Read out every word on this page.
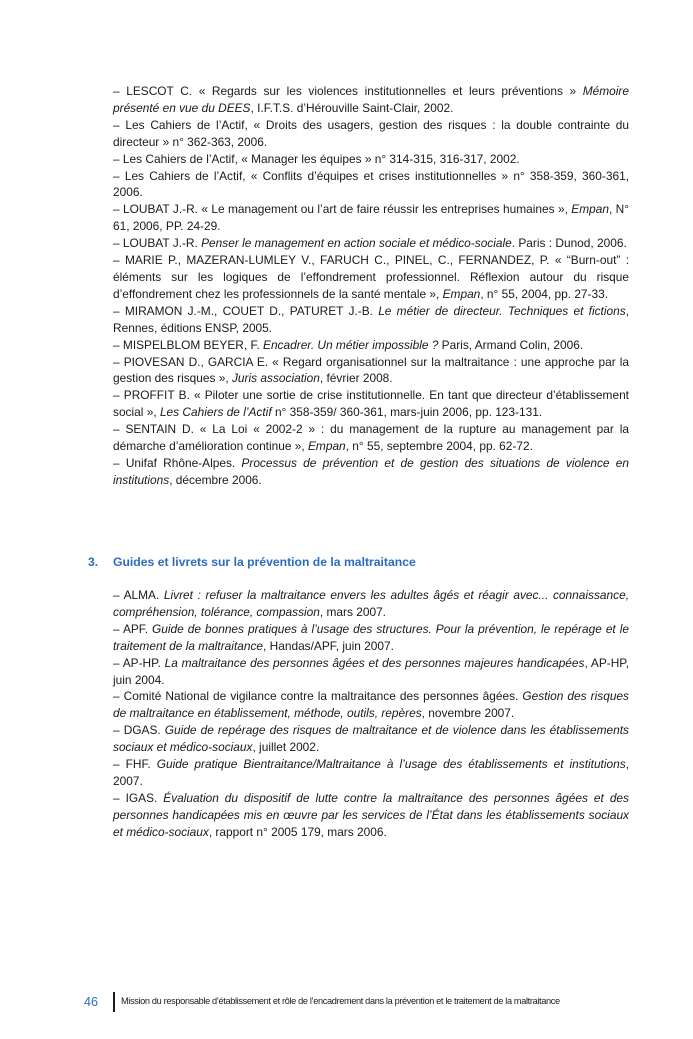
– LESCOT C. « Regards sur les violences institutionnelles et leurs préventions » Mémoire présenté en vue du DEES, I.F.T.S. d’Hérouville Saint-Clair, 2002.

– Les Cahiers de l’Actif, « Droits des usagers, gestion des risques : la double contrainte du directeur » n° 362-363, 2006.

– Les Cahiers de l’Actif, « Manager les équipes » n° 314-315, 316-317, 2002.

– Les Cahiers de l’Actif, « Conflits d’équipes et crises institutionnelles » n° 358-359, 360-361, 2006.

– LOUBAT J.-R. « Le management ou l’art de faire réussir les entreprises humaines », Empan, N° 61, 2006, PP. 24-29.

– LOUBAT J.-R. Penser le management en action sociale et médico-sociale. Paris : Dunod, 2006.

– MARIE P., MAZERAN-LUMLEY V., FARUCH C., PINEL, C., FERNANDEZ, P. « “Burn-out” : éléments sur les logiques de l’effondrement professionnel. Réflexion autour du risque d’effondrement chez les professionnels de la santé mentale », Empan, n° 55, 2004, pp. 27-33.

– MIRAMON J.-M., COUET D., PATURET J.-B. Le métier de directeur. Techniques et fictions, Rennes, éditions ENSP, 2005.

– MISPELBLOM BEYER, F. Encadrer. Un métier impossible ? Paris, Armand Colin, 2006.

– PIOVESAN D., GARCIA E. « Regard organisationnel sur la maltraitance : une approche par la gestion des risques », Juris association, février 2008.

– PROFFIT B. « Piloter une sortie de crise institutionnelle. En tant que directeur d’établissement social », Les Cahiers de l’Actif n° 358-359/ 360-361, mars-juin 2006, pp. 123-131.

– SENTAIN D. « La Loi « 2002-2 » : du management de la rupture au management par la démarche d’amélioration continue », Empan, n° 55, septembre 2004, pp. 62-72.

– Unifaf Rhône-Alpes. Processus de prévention et de gestion des situations de violence en institutions, décembre 2006.

3. Guides et livrets sur la prévention de la maltraitance

– ALMA. Livret : refuser la maltraitance envers les adultes âgés et réagir avec... connaissance, compréhension, tolérance, compassion, mars 2007.

– APF. Guide de bonnes pratiques à l’usage des structures. Pour la prévention, le repérage et le traitement de la maltraitance, Handas/APF, juin 2007.

– AP-HP. La maltraitance des personnes âgées et des personnes majeures handicapées, AP-HP, juin 2004.

– Comité National de vigilance contre la maltraitance des personnes âgées. Gestion des risques de maltraitance en établissement, méthode, outils, repères, novembre 2007.

– DGAS. Guide de repérage des risques de maltraitance et de violence dans les établissements sociaux et médico-sociaux, juillet 2002.

– FHF. Guide pratique Bientraitance/Maltraitance à l’usage des établissements et institutions, 2007.

– IGAS. Évaluation du dispositif de lutte contre la maltraitance des personnes âgées et des personnes handicapées mis en œuvre par les services de l’État dans les établissements sociaux et médico-sociaux, rapport n° 2005 179, mars 2006.

46	Mission du responsable d’établissement et rôle de l’encadrement dans la prévention et le traitement de la maltraitance
